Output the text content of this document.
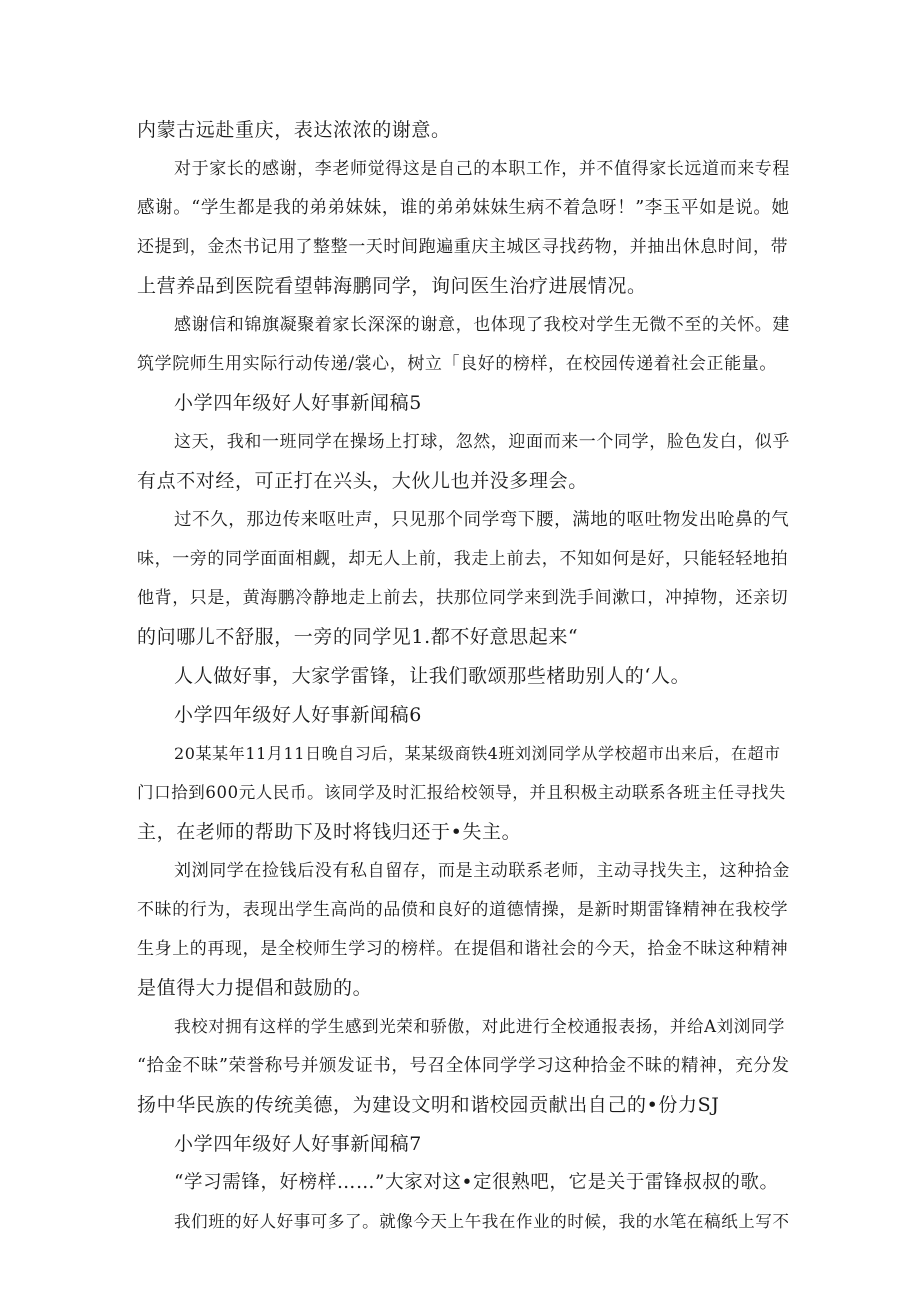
内蒙古远赴重庆，表达浓浓的谢意。
对于家长的感谢，李老师觉得这是自己的本职工作，并不值得家长远道而来专程
感谢。“学生都是我的弟弟妹妹，谁的弟弟妹妹生病不着急呀！”李玉平如是说。她
还提到，金杰书记用了整整一天时间跑遍重庆主城区寻找药物，并抽出休息时间，带
上营养品到医院看望韩海鹏同学，询问医生治疗进展情况。
感谢信和锦旗凝聚着家长深深的谢意，也体现了我校对学生无微不至的关怀。建
筑学院师生用实际行动传递/裳心，树立「良好的榜样，在校园传递着社会正能量。
小学四年级好人好事新闻稿5
这天，我和一班同学在操场上打球，忽然，迎面而来一个同学，脸色发白，似乎
有点不对经，可正打在兴头，大伙儿也并没多理会。
过不久，那边传来呕吐声，只见那个同学弯下腰，满地的呕吐物发出呛鼻的气
味，一旁的同学面面相觑，却无人上前，我走上前去，不知如何是好，只能轻轻地拍
他背，只是，黄海鹏冷静地走上前去，扶那位同学来到洗手间漱口，冲掉物，还亲切
的问哪儿不舒服，一旁的同学见1.都不好意思起来“
人人做好事，大家学雷锋，让我们歌颂那些楮助别人的‘人。
小学四年级好人好事新闻稿6
20某某年11月11日晚自习后，某某级商铁4班刘浏同学从学校超市出来后，在超市
门口拾到600元人民币。该同学及时汇报给校领导，并且积极主动联系各班主任寻找失
主，在老师的帮助下及时将钱归还于•失主。
刘浏同学在捡钱后没有私自留存，而是主动联系老师，主动寻找失主，这种拾金
不昧的行为，表现出学生高尚的品偾和良好的道德情操，是新时期雷锋精神在我校学
生身上的再现，是全校师生学习的榜样。在提倡和谐社会的今天，拾金不昧这种精神
是值得大力提倡和鼓励的。
我校对拥有这样的学生感到光荣和骄傲，对此进行全校通报表扬，并给A刘浏同学
“拾金不昧”荣誉称号并颁发证书，号召全体同学学习这种拾金不昧的精神，充分发
扬中华民族的传统美德，为建设文明和谐校园贡献出自己的•份力SJ
小学四年级好人好事新闻稿7
“学习需锋，好榜样……”大家对这•定很熟吧，它是关于雷锋叔叔的歌。
我们班的好人好事可多了。就像今天上午我在作业的时候，我的水笔在稿纸上写不
